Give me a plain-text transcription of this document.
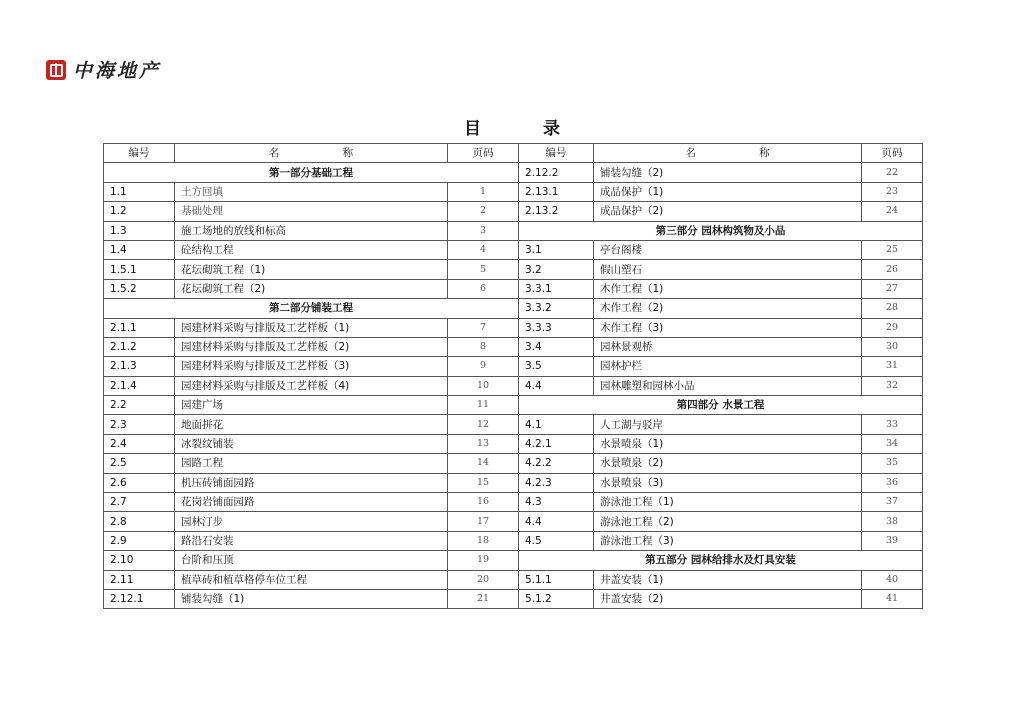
中海地产
目 录
编号	名 称	页码	编号	名 称	页码
第一部分基础工程			2.12.2	铺装勾缝（2)	22
1.1	土方回填	1	2.13.1	成品保护（1)	23
1.2	基础处理	2	2.13.2	成品保护（2)	24
1.3	施工场地的放线和标高	3	第三部分 园林构筑物及小品		
1.4	砼结构工程	4	3.1	亭台阁楼	25
1.5.1	花坛砌筑工程（1)	5	3.2	假山塑石	26
1.5.2	花坛砌筑工程（2)	6	3.3.1	木作工程（1)	27
第二部分铺装工程			3.3.2	木作工程（2)	28
2.1.1	园建材料采购与排版及工艺样板（1)	7	3.3.3	木作工程（3)	29
2.1.2	园建材料采购与排版及工艺样板（2)	8	3.4	园林景观桥	30
2.1.3	园建材料采购与排版及工艺样板（3)	9	3.5	园林护栏	31
2.1.4	园建材料采购与排版及工艺样板（4)	10	4.4	园林雕塑和园林小品	32
2.2	园建广场	11	第四部分 水景工程		
2.3	地面拼花	12	4.1	人工湖与驳岸	33
2.4	冰裂纹铺装	13	4.2.1	水景喷泉（1)	34
2.5	园路工程	14	4.2.2	水景喷泉（2)	35
2.6	机压砖铺面园路	15	4.2.3	水景喷泉（3)	36
2.7	花岗岩铺面园路	16	4.3	游泳池工程（1)	37
2.8	园林汀步	17	4.4	游泳池工程（2)	38
2.9	路沿石安装	18	4.5	游泳池工程（3)	39
2.10	台阶和压顶	19	第五部分 园林给排水及灯具安装		
2.11	植草砖和植草格停车位工程	20	5.1.1	井盖安装（1)	40
2.12.1	铺装勾缝（1)	21	5.1.2	井盖安装（2)	41
